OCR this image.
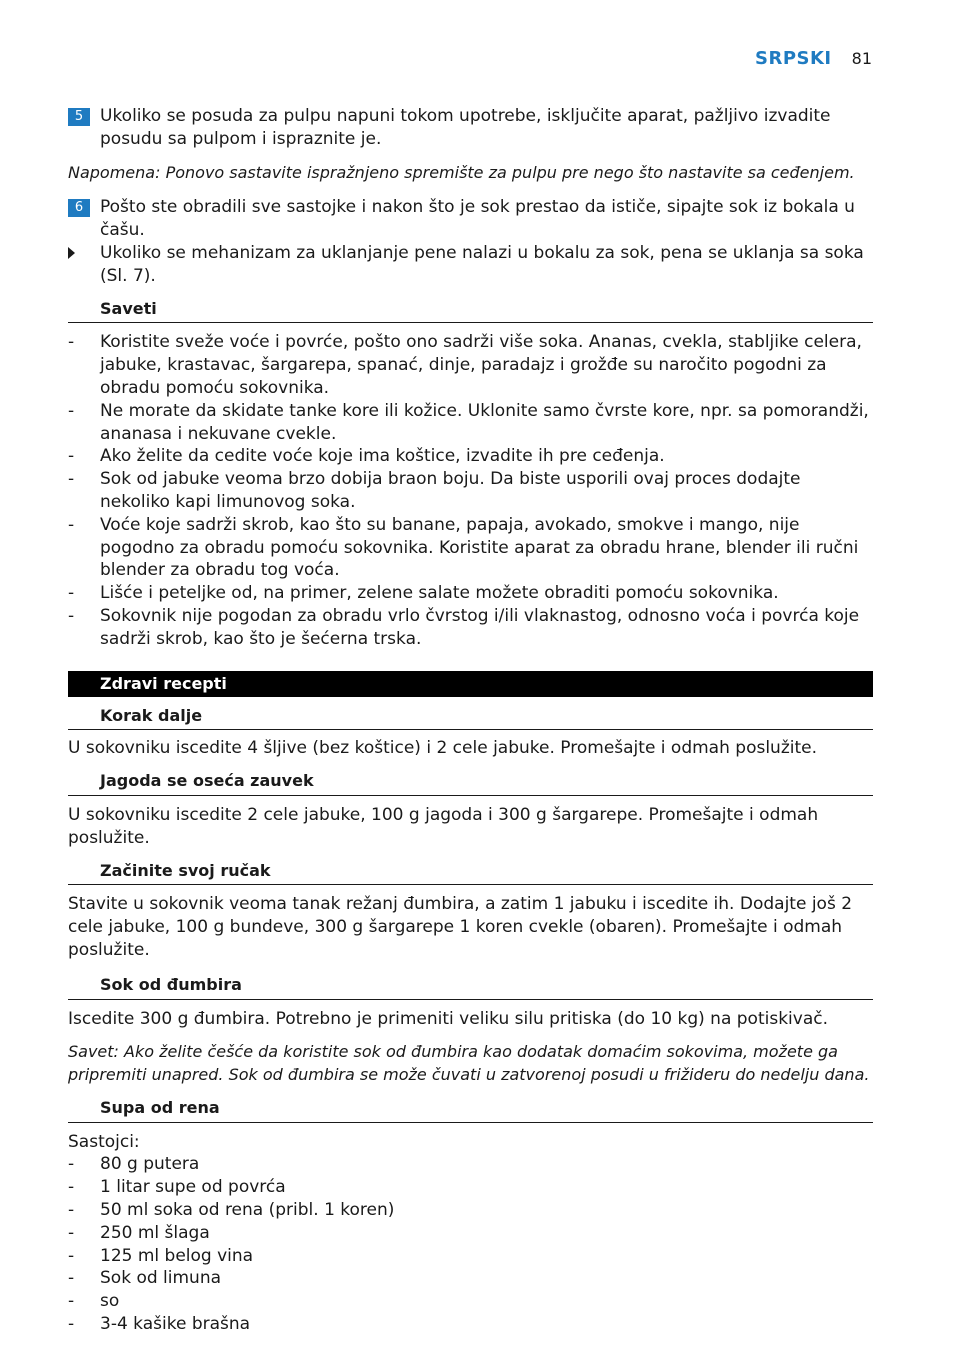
SRPSKI 81
5 Ukoliko se posuda za pulpu napuni tokom upotrebe, isključite aparat, pažljivo izvadite posudu sa pulpom i ispraznite je.

Napomena: Ponovo sastavite ispražnjeno spremište za pulpu pre nego što nastavite sa ceđenjem.

6 Pošto ste obradili sve sastojke i nakon što je sok prestao da ističe, sipajte sok iz bokala u čašu.

Ukoliko se mehanizam za uklanjanje pene nalazi u bokalu za sok, pena se uklanja sa soka (Sl. 7).

Saveti
- Koristite sveže voće i povrće, pošto ono sadrži više soka. Ananas, cvekla, stabljike celera, jabuke, krastavac, šargarepa, spanać, dinje, paradajz i grožđe su naročito pogodni za obradu pomoću sokovnika.
- Ne morate da skidate tanke kore ili kožice. Uklonite samo čvrste kore, npr. sa pomorandži, ananasa i nekuvane cvekle.
- Ako želite da cedite voće koje ima koštice, izvadite ih pre ceđenja.
- Sok od jabuke veoma brzo dobija braon boju. Da biste usporili ovaj proces dodajte nekoliko kapi limunovog soka.
- Voće koje sadrži skrob, kao što su banane, papaja, avokado, smokve i mango, nije pogodno za obradu pomoću sokovnika. Koristite aparat za obradu hrane, blender ili ručni blender za obradu tog voća.
- Lišće i peteljke od, na primer, zelene salate možete obraditi pomoću sokovnika.
- Sokovnik nije pogodan za obradu vrlo čvrstog i/ili vlaknastog, odnosno voća i povrća koje sadrži skrob, kao što je šećerna trska.
Zdravi recepti
Korak dalje

U sokovniku iscedite 4 šljive (bez koštice) i 2 cele jabuke. Promešajte i odmah poslužite.

Jagoda se oseća zauvek

U sokovniku iscedite 2 cele jabuke, 100 g jagoda i 300 g šargarepe. Promešajte i odmah poslužite.

Začinite svoj ručak

Stavite u sokovnik veoma tanak režanj đumbira, a zatim 1 jabuku i iscedite ih. Dodajte još 2 cele jabuke, 100 g bundeve, 300 g šargarepe 1 koren cvekle (obaren). Promešajte i odmah poslužite.

Sok od đumbira

Iscedite 300 g đumbira. Potrebno je primeniti veliku silu pritiska (do 10 kg) na potiskivač.

Savet: Ako želite češće da koristite sok od đumbira kao dodatak domaćim sokovima, možete ga pripremiti unapred. Sok od đumbira se može čuvati u zatvorenoj posudi u frižideru do nedelju dana.

Supa od rena

Sastojci:

- 80 g putera
- 1 litar supe od povrća
- 50 ml soka od rena (pribl. 1 koren)
- 250 ml šlaga
- 125 ml belog vina
- Sok od limuna
- so
- 3-4 kašike brašna
